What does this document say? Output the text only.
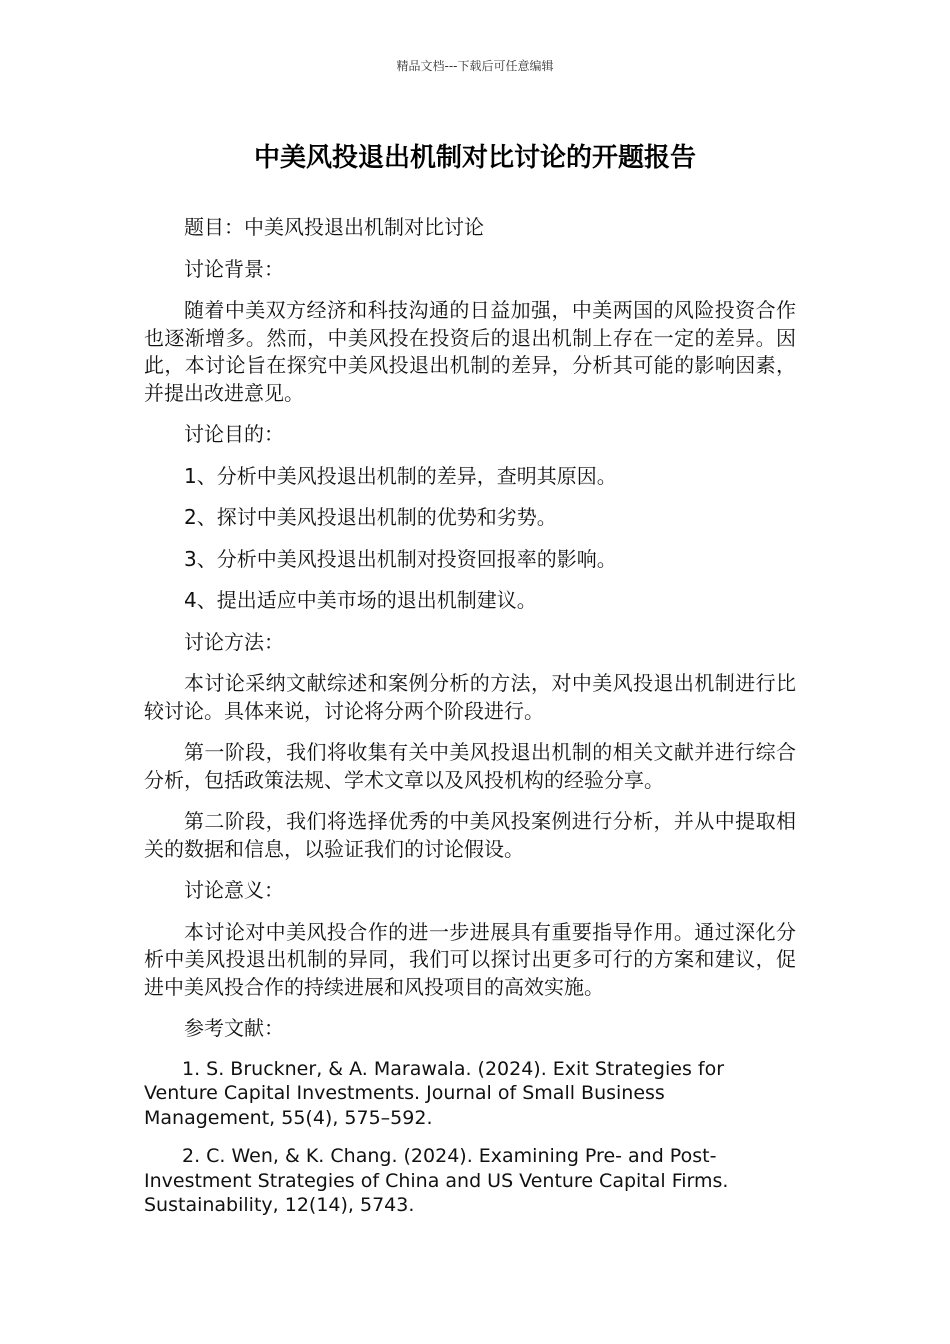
精品文档---下载后可任意编辑
中美风投退出机制对比讨论的开题报告

题目：中美风投退出机制对比讨论

讨论背景：

随着中美双方经济和科技沟通的日益加强，中美两国的风险投资合作也逐渐增多。然而，中美风投在投资后的退出机制上存在一定的差异。因此，本讨论旨在探究中美风投退出机制的差异，分析其可能的影响因素，并提出改进意见。

讨论目的：

1、分析中美风投退出机制的差异，查明其原因。

2、探讨中美风投退出机制的优势和劣势。

3、分析中美风投退出机制对投资回报率的影响。

4、提出适应中美市场的退出机制建议。

讨论方法：

本讨论采纳文献综述和案例分析的方法，对中美风投退出机制进行比较讨论。具体来说，讨论将分两个阶段进行。

第一阶段，我们将收集有关中美风投退出机制的相关文献并进行综合分析，包括政策法规、学术文章以及风投机构的经验分享。

第二阶段，我们将选择优秀的中美风投案例进行分析，并从中提取相关的数据和信息，以验证我们的讨论假设。

讨论意义：

本讨论对中美风投合作的进一步进展具有重要指导作用。通过深化分析中美风投退出机制的异同，我们可以探讨出更多可行的方案和建议，促进中美风投合作的持续进展和风投项目的高效实施。

参考文献：

1. S. Bruckner, & A. Marawala. (2024). Exit Strategies for Venture Capital Investments. Journal of Small Business Management, 55(4), 575–592.

2. C. Wen, & K. Chang. (2024). Examining Pre- and Post-Investment Strategies of China and US Venture Capital Firms. Sustainability, 12(14), 5743.
